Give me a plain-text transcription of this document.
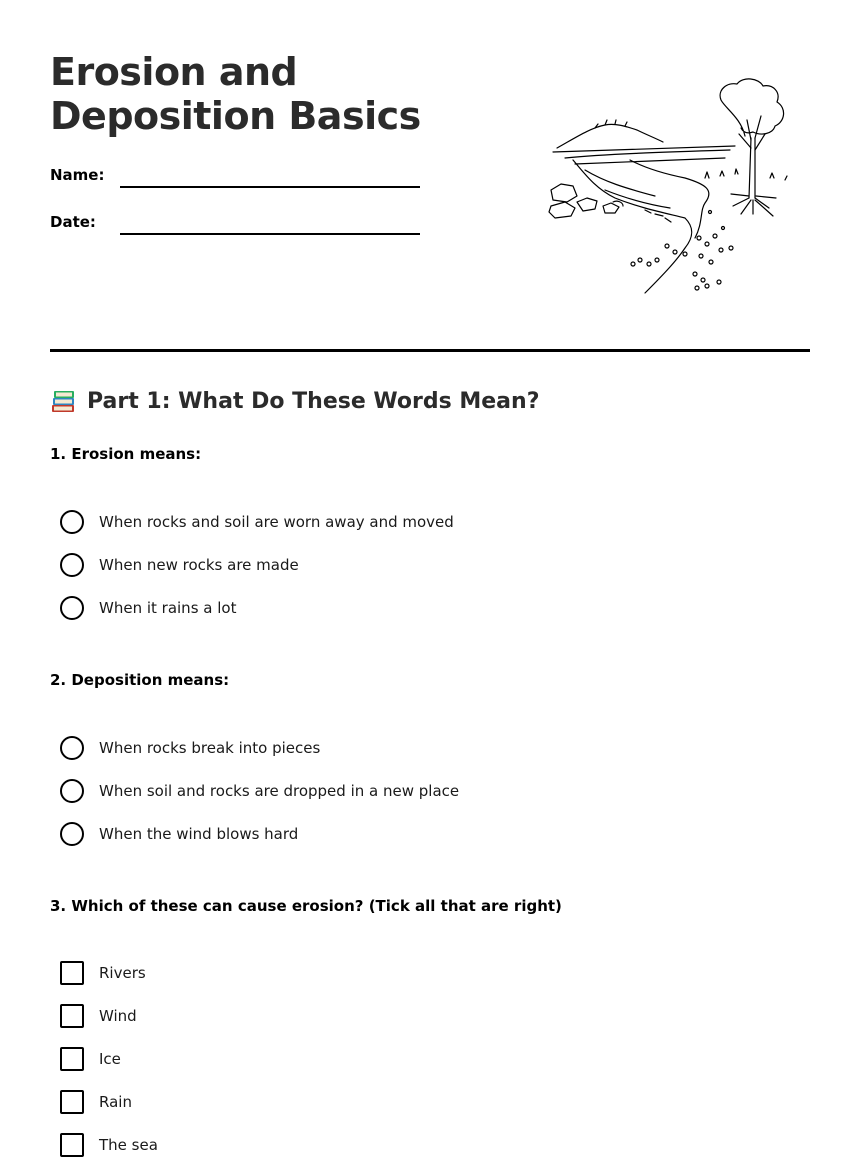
Erosion and Deposition Basics
Name:
Date:
Part 1: What Do These Words Mean?
1. Erosion means:
When rocks and soil are worn away and moved
When new rocks are made
When it rains a lot
2. Deposition means:
When rocks break into pieces
When soil and rocks are dropped in a new place
When the wind blows hard
3. Which of these can cause erosion? (Tick all that are right)
Rivers
Wind
Ice
Rain
The sea
